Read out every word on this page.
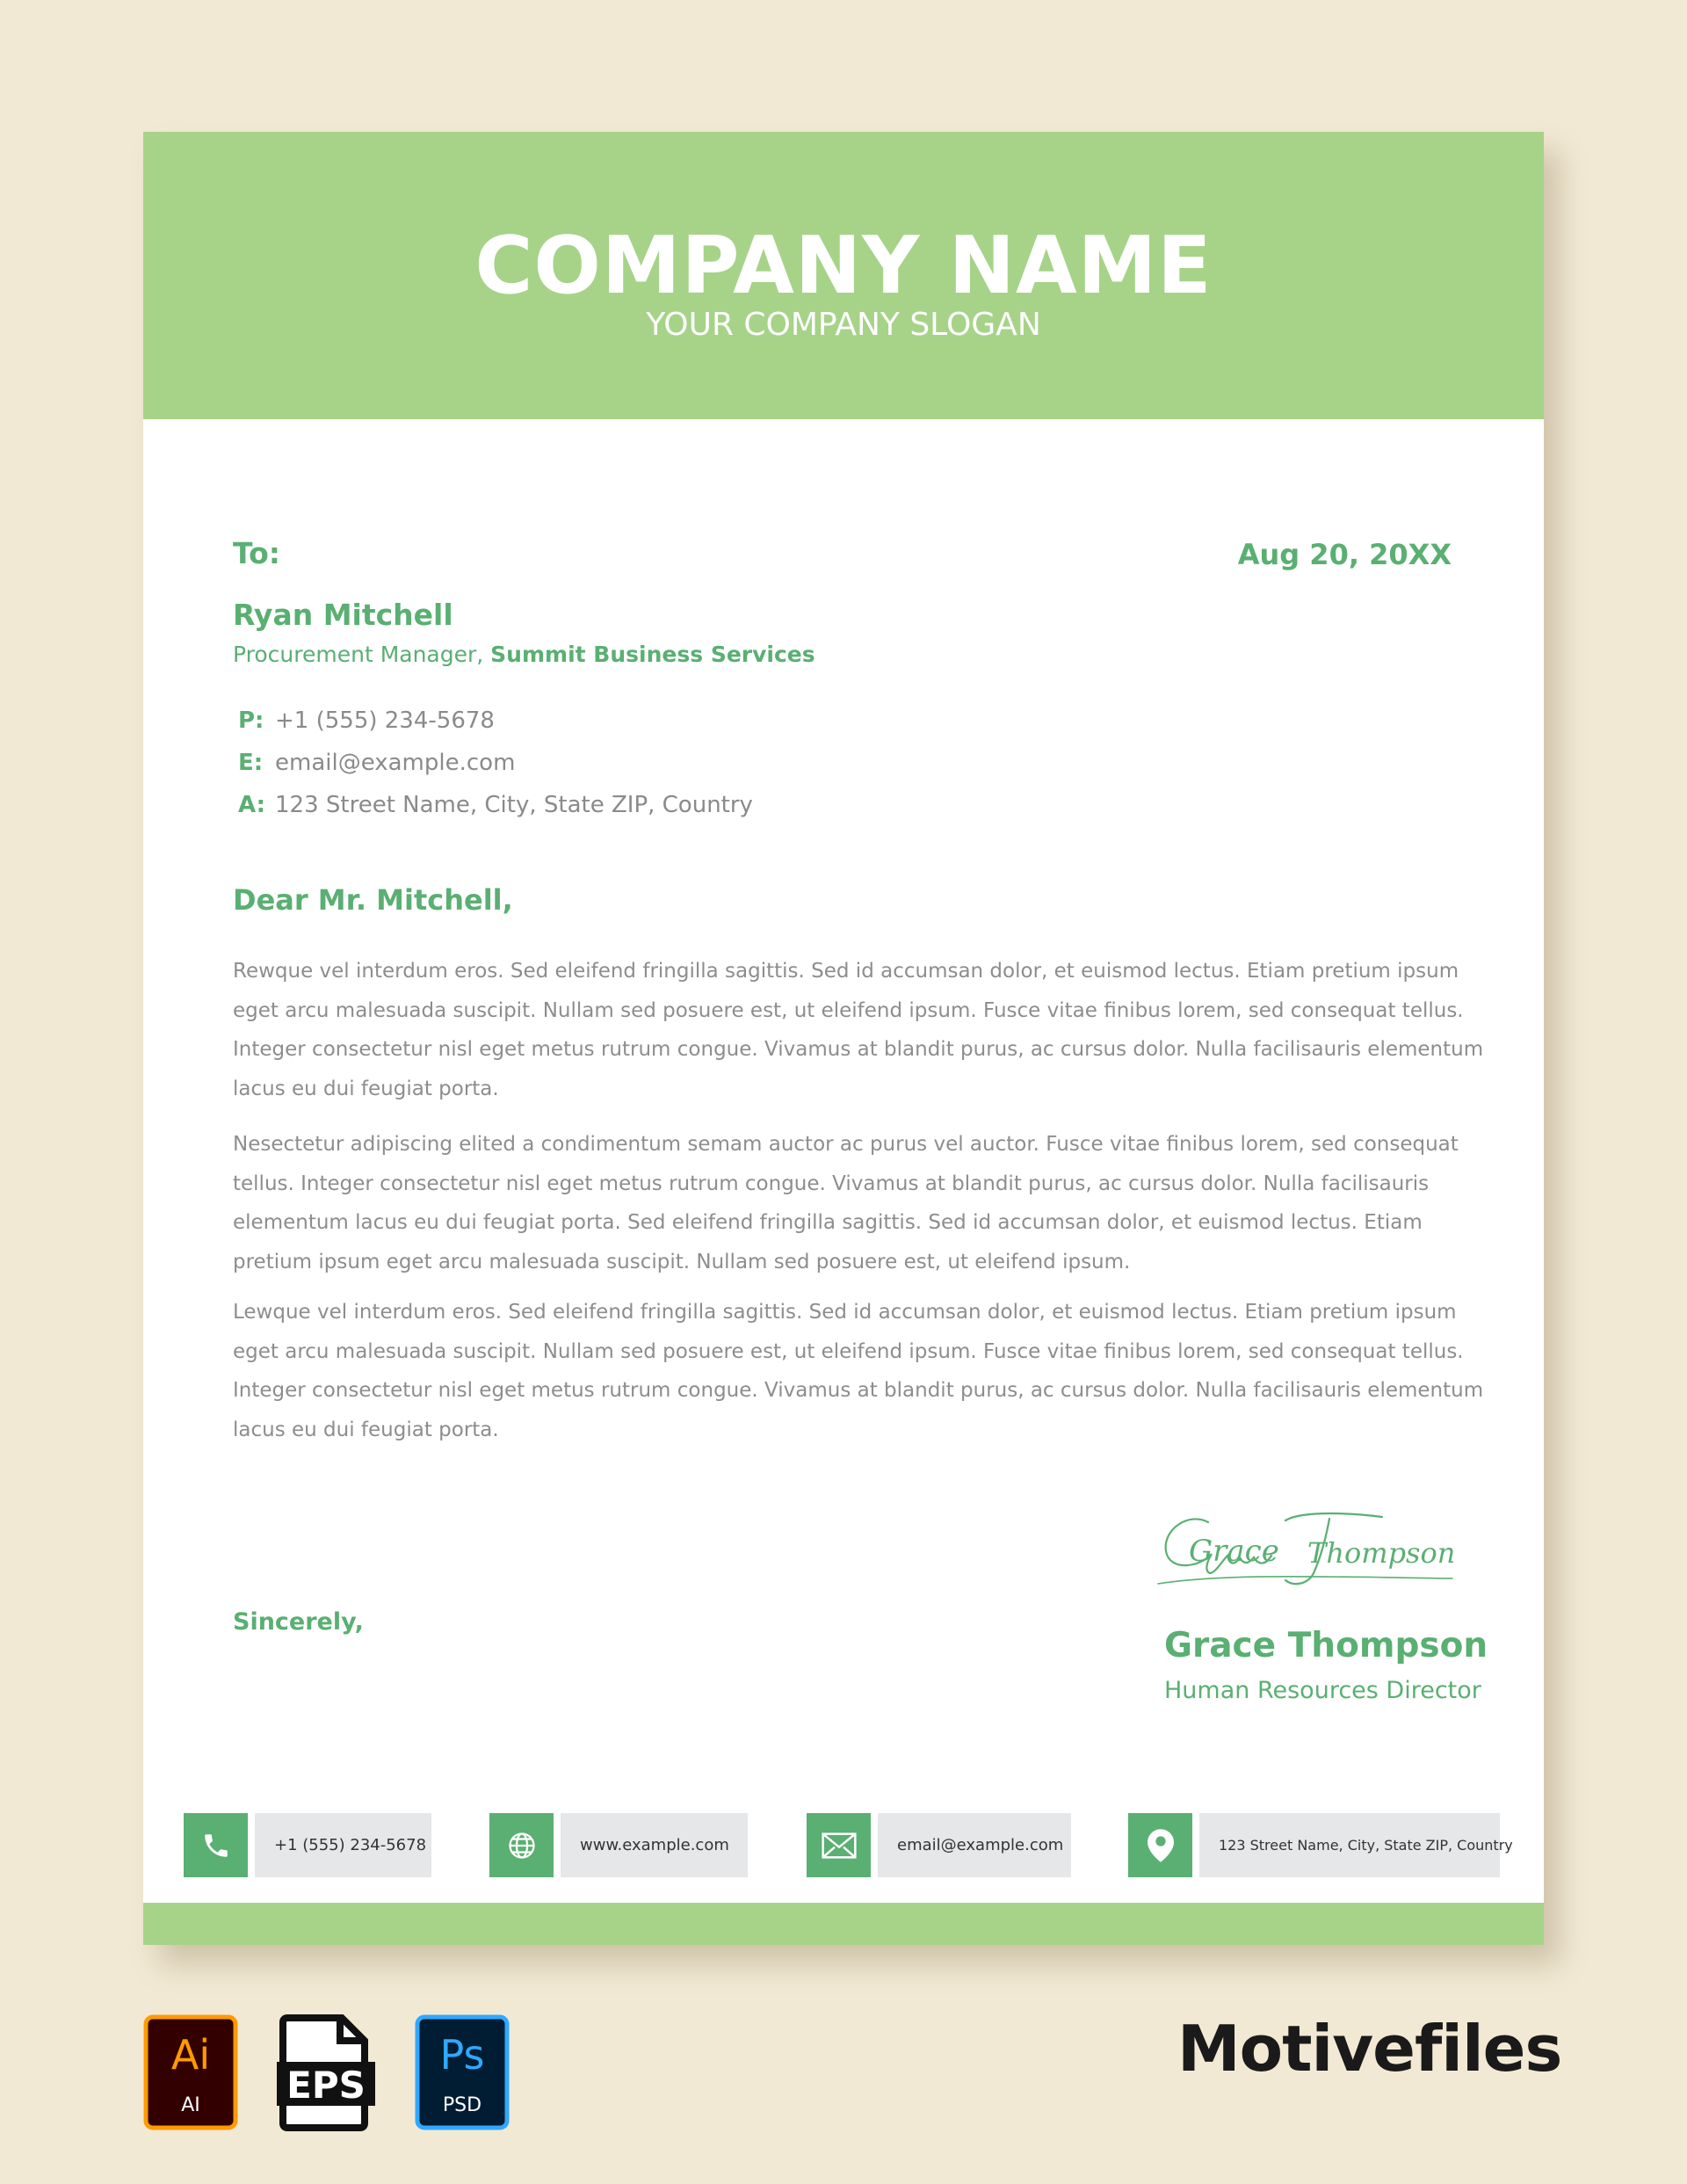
COMPANY NAME
YOUR COMPANY SLOGAN
To:	Aug 20, 20XX
Ryan Mitchell
Procurement Manager, Summit Business Services
P: +1 (555) 234-5678
E: email@example.com
A: 123 Street Name, City, State ZIP, Country
Dear Mr. Mitchell,

Rewque vel interdum eros. Sed eleifend fringilla sagittis. Sed id accumsan dolor, et euismod lectus. Etiam pretium ipsum eget arcu malesuada suscipit. Nullam sed posuere est, ut eleifend ipsum. Fusce vitae finibus lorem, sed consequat tellus. Integer consectetur nisl eget metus rutrum congue. Vivamus at blandit purus, ac cursus dolor. Nulla facilisauris elementum lacus eu dui feugiat porta.

Nesectetur adipiscing elited a condimentum semam auctor ac purus vel auctor. Fusce vitae finibus lorem, sed consequat tellus. Integer consectetur nisl eget metus rutrum congue. Vivamus at blandit purus, ac cursus dolor. Nulla facilisauris elementum lacus eu dui feugiat porta. Sed eleifend fringilla sagittis. Sed id accumsan dolor, et euismod lectus. Etiam pretium ipsum eget arcu malesuada suscipit. Nullam sed posuere est, ut eleifend ipsum.

Lewque vel interdum eros. Sed eleifend fringilla sagittis. Sed id accumsan dolor, et euismod lectus. Etiam pretium ipsum eget arcu malesuada suscipit. Nullam sed posuere est, ut eleifend ipsum. Fusce vitae finibus lorem, sed consequat tellus. Integer consectetur nisl eget metus rutrum congue. Vivamus at blandit purus, ac cursus dolor. Nulla facilisauris elementum lacus eu dui feugiat porta.

Sincerely,
Grace Thompson
Grace Thompson
Human Resources Director
+1 (555) 234-5678	www.example.com	email@example.com	123 Street Name, City, State ZIP, Country
Ai
AI EPS
Ps
PSD
Motivefiles
